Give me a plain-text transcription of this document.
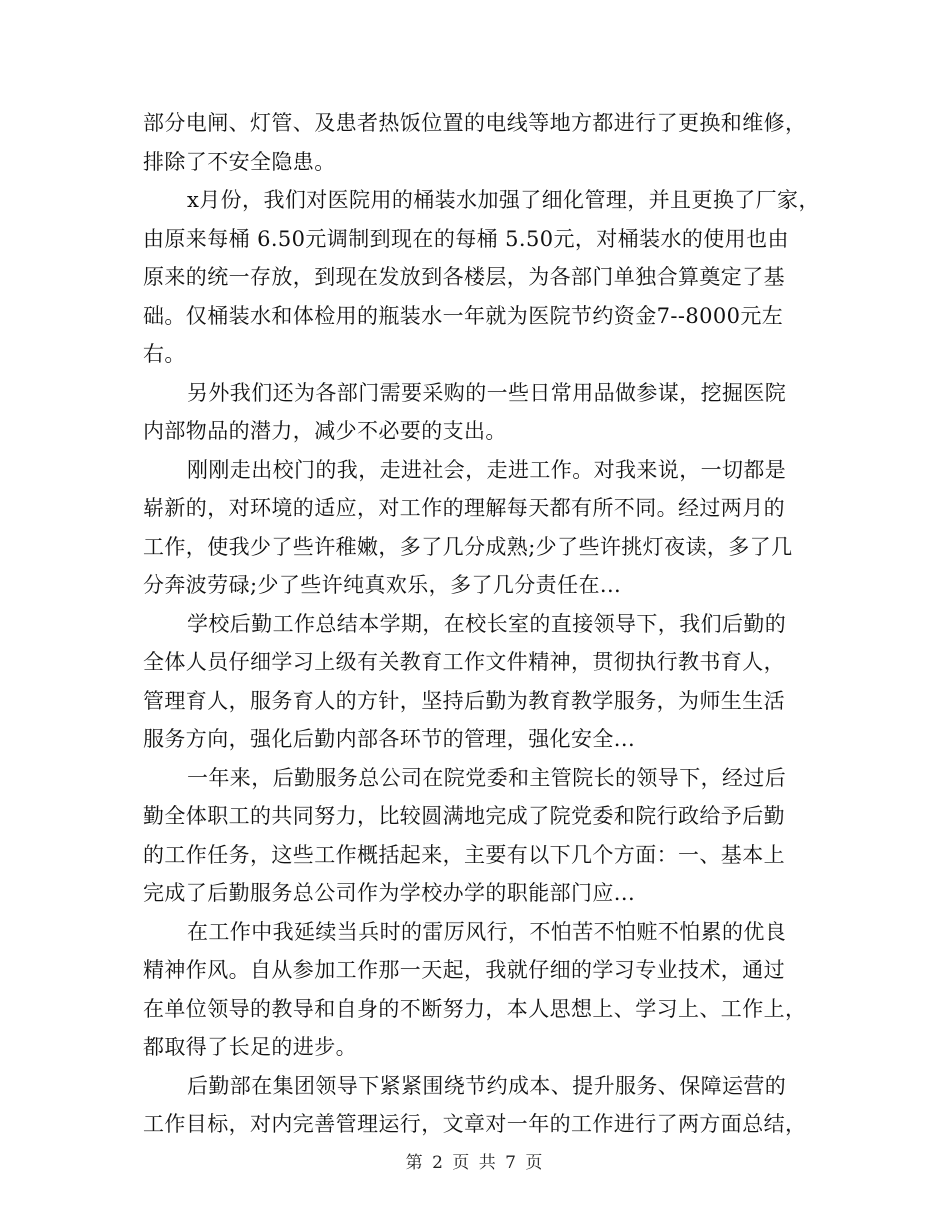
部分电闸、灯管、及患者热饭位置的电线等地方都进行了更换和维修，
排除了不安全隐患。
x月份，我们对医院用的桶装水加强了细化管理，并且更换了厂家，
由原来每桶 6.50元调制到现在的每桶 5.50元，对桶装水的使用也由
原来的统一存放，到现在发放到各楼层，为各部门单独合算奠定了基
础。仅桶装水和体检用的瓶装水一年就为医院节约资金7--8000元左
右。
另外我们还为各部门需要采购的一些日常用品做参谋，挖掘医院
内部物品的潜力，减少不必要的支出。
刚刚走出校门的我，走进社会，走进工作。对我来说，一切都是
崭新的，对环境的适应，对工作的理解每天都有所不同。经过两月的
工作，使我少了些许稚嫩，多了几分成熟;少了些许挑灯夜读，多了几
分奔波劳碌;少了些许纯真欢乐，多了几分责任在...
学校后勤工作总结本学期，在校长室的直接领导下，我们后勤的
全体人员仔细学习上级有关教育工作文件精神，贯彻执行教书育人，
管理育人，服务育人的方针，坚持后勤为教育教学服务，为师生生活
服务方向，强化后勤内部各环节的管理，强化安全...
一年来，后勤服务总公司在院党委和主管院长的领导下，经过后
勤全体职工的共同努力，比较圆满地完成了院党委和院行政给予后勤
的工作任务，这些工作概括起来，主要有以下几个方面：一、基本上
完成了后勤服务总公司作为学校办学的职能部门应...
在工作中我延续当兵时的雷厉风行，不怕苦不怕赃不怕累的优良
精神作风。自从参加工作那一天起，我就仔细的学习专业技术，通过
在单位领导的教导和自身的不断努力，本人思想上、学习上、工作上，
都取得了长足的进步。
后勤部在集团领导下紧紧围绕节约成本、提升服务、保障运营的
工作目标，对内完善管理运行，文章对一年的工作进行了两方面总结，
第 2 页 共 7 页
